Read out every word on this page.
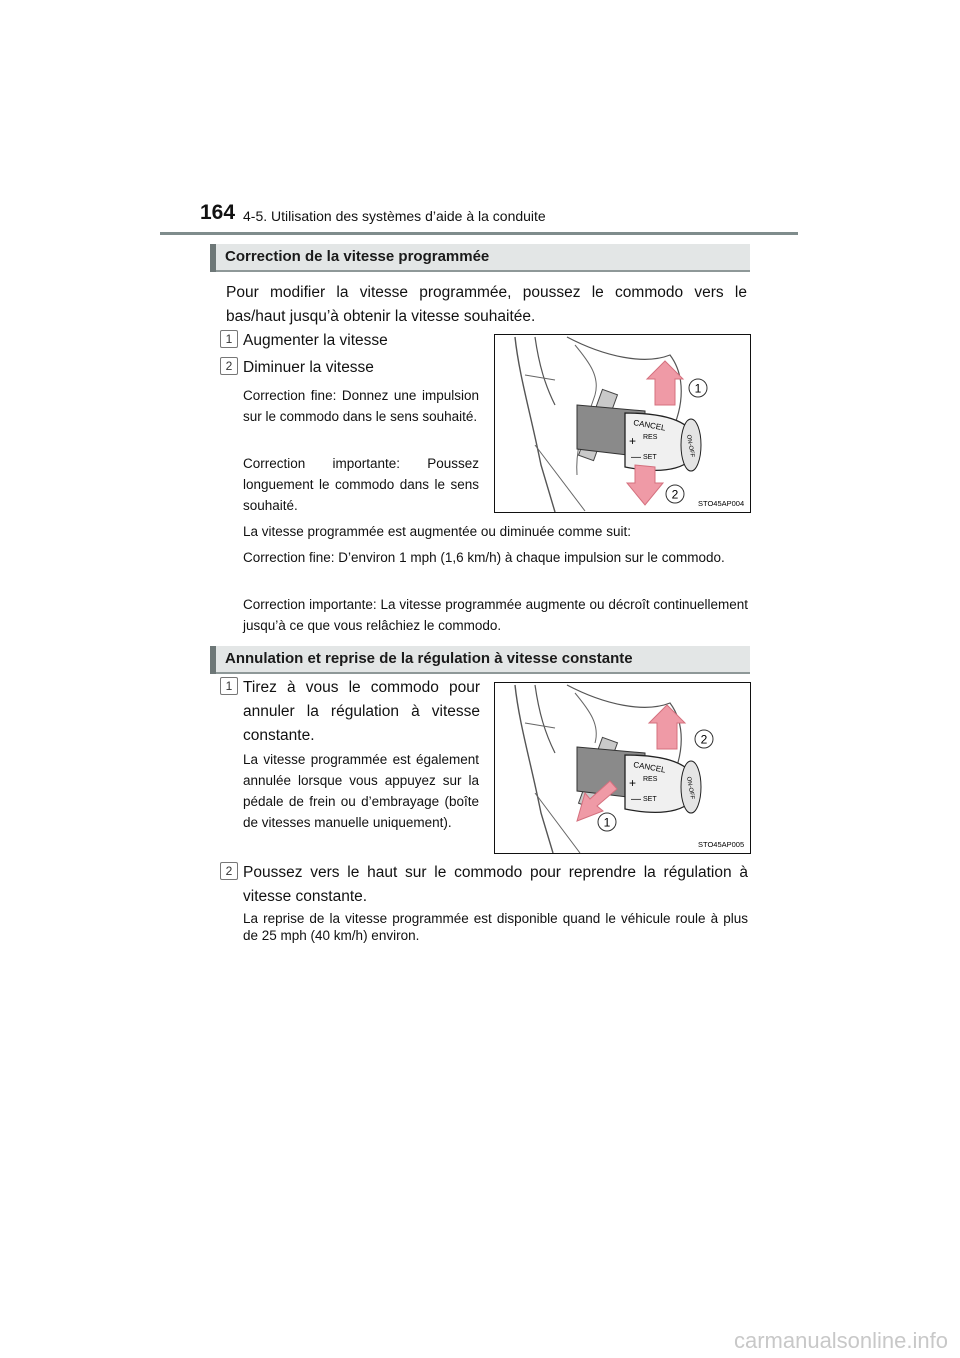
164 4-5. Utilisation des systèmes d’aide à la conduite
Correction de la vitesse programmée
Pour modifier la vitesse programmée, poussez le commodo vers le bas/haut jusqu’à obtenir la vitesse souhaitée.
1 Augmenter la vitesse
2 Diminuer la vitesse
Correction fine: Donnez une impulsion sur le commodo dans le sens souhaité.
Correction importante: Poussez longuement le commodo dans le sens souhaité.
CANCEL
+ RES
— SET	ON-OFF
1
2
STO45AP004
La vitesse programmée est augmentée ou diminuée comme suit:
Correction fine: D’environ 1 mph (1,6 km/h) à chaque impulsion sur le commodo.
Correction importante: La vitesse programmée augmente ou décroît continuellement jusqu’à ce que vous relâchiez le commodo.
Annulation et reprise de la régulation à vitesse constante
1 Tirez à vous le commodo pour annuler la régulation à vitesse constante.
La vitesse programmée est également annulée lorsque vous appuyez sur la pédale de frein ou d’embrayage (boîte de vitesses manuelle uniquement).
CANCEL
+ RES
— SET	ON-OFF
2
1
STO45AP005
2 Poussez vers le haut sur le commodo pour reprendre la régulation à vitesse constante.
La reprise de la vitesse programmée est disponible quand le véhicule roule à plus de 25 mph (40 km/h) environ.
carmanualsonline.info
